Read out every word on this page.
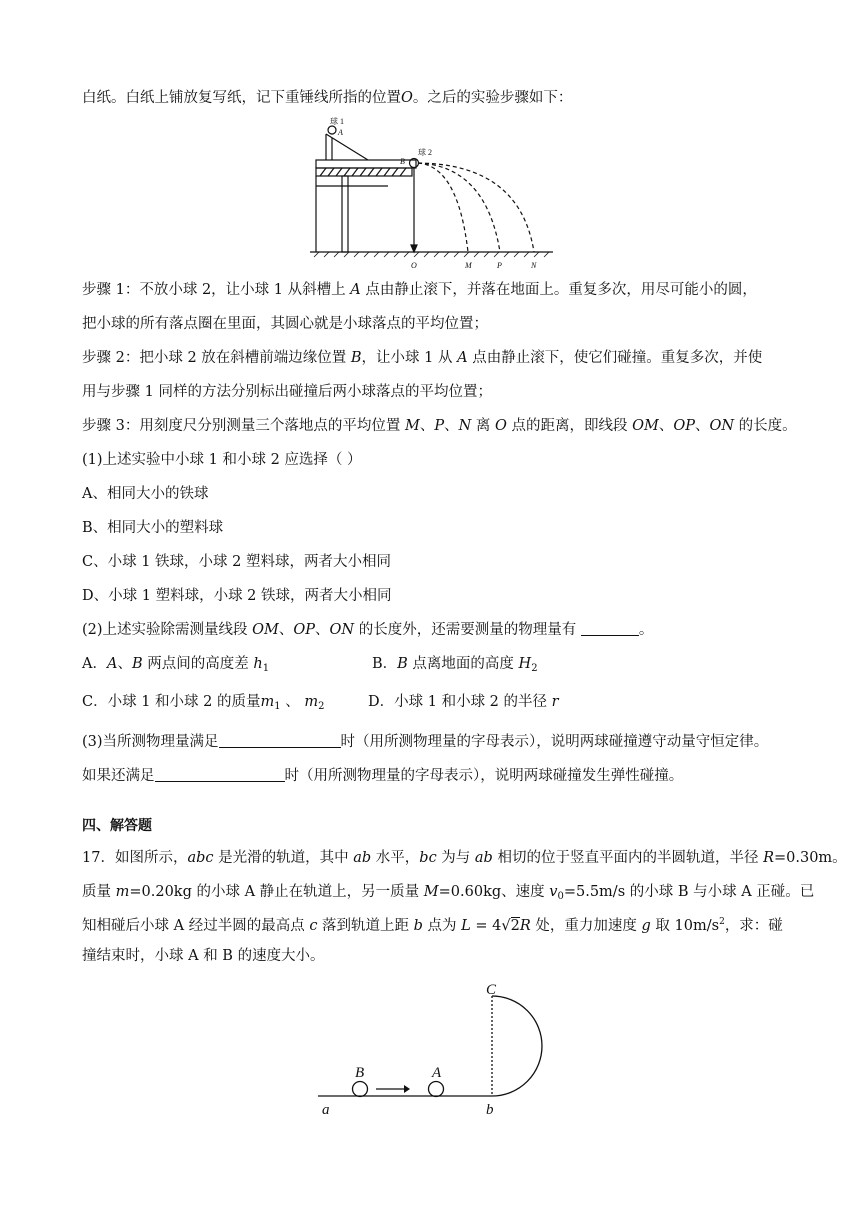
白纸。白纸上铺放复写纸，记下重锤线所指的位置O。之后的实验步骤如下：
球 1
A
球 2
B
O	M	P	N
步骤 1：不放小球 2，让小球 1 从斜槽上 A 点由静止滚下，并落在地面上。重复多次，用尽可能小的圆，
把小球的所有落点圈在里面，其圆心就是小球落点的平均位置；
步骤 2：把小球 2 放在斜槽前端边缘位置 B，让小球 1 从 A 点由静止滚下，使它们碰撞。重复多次，并使
用与步骤 1 同样的方法分别标出碰撞后两小球落点的平均位置；
步骤 3：用刻度尺分别测量三个落地点的平均位置 M、P、N 离 O 点的距离，即线段 OM、OP、ON 的长度。
(1)上述实验中小球 1 和小球 2 应选择（ ）
A、相同大小的铁球
B、相同大小的塑料球
C、小球 1 铁球，小球 2 塑料球，两者大小相同
D、小球 1 塑料球，小球 2 铁球，两者大小相同
(2)上述实验除需测量线段 OM、OP、ON 的长度外，还需要测量的物理量有	。
A．A、B 两点间的高度差 $h_1$	B．B 点离地面的高度 $H_2$
C．小球 1 和小球 2 的质量$m_1$ 、 $m_2$	D．小球 1 和小球 2 的半径 r
(3)当所测物理量满足	时（用所测物理量的字母表示），说明两球碰撞遵守动量守恒定律。
如果还满足	时（用所测物理量的字母表示），说明两球碰撞发生弹性碰撞。
四、解答题
17．如图所示，abc 是光滑的轨道，其中 ab 水平，bc 为与 ab 相切的位于竖直平面内的半圆轨道，半径 R=0.30m。
质量 m=0.20kg 的小球 A 静止在轨道上，另一质量 M=0.60kg、速度 $v_0=5.5m/s$ 的小球 B 与小球 A 正碰。已
知相碰后小球 A 经过半圆的最高点 c 落到轨道上距 b 点为 L = 4√2R 处，重力加速度 g 取 $10m/s^2$，求：碰
撞结束时，小球 A 和 B 的速度大小。
C
B	A
a	b
